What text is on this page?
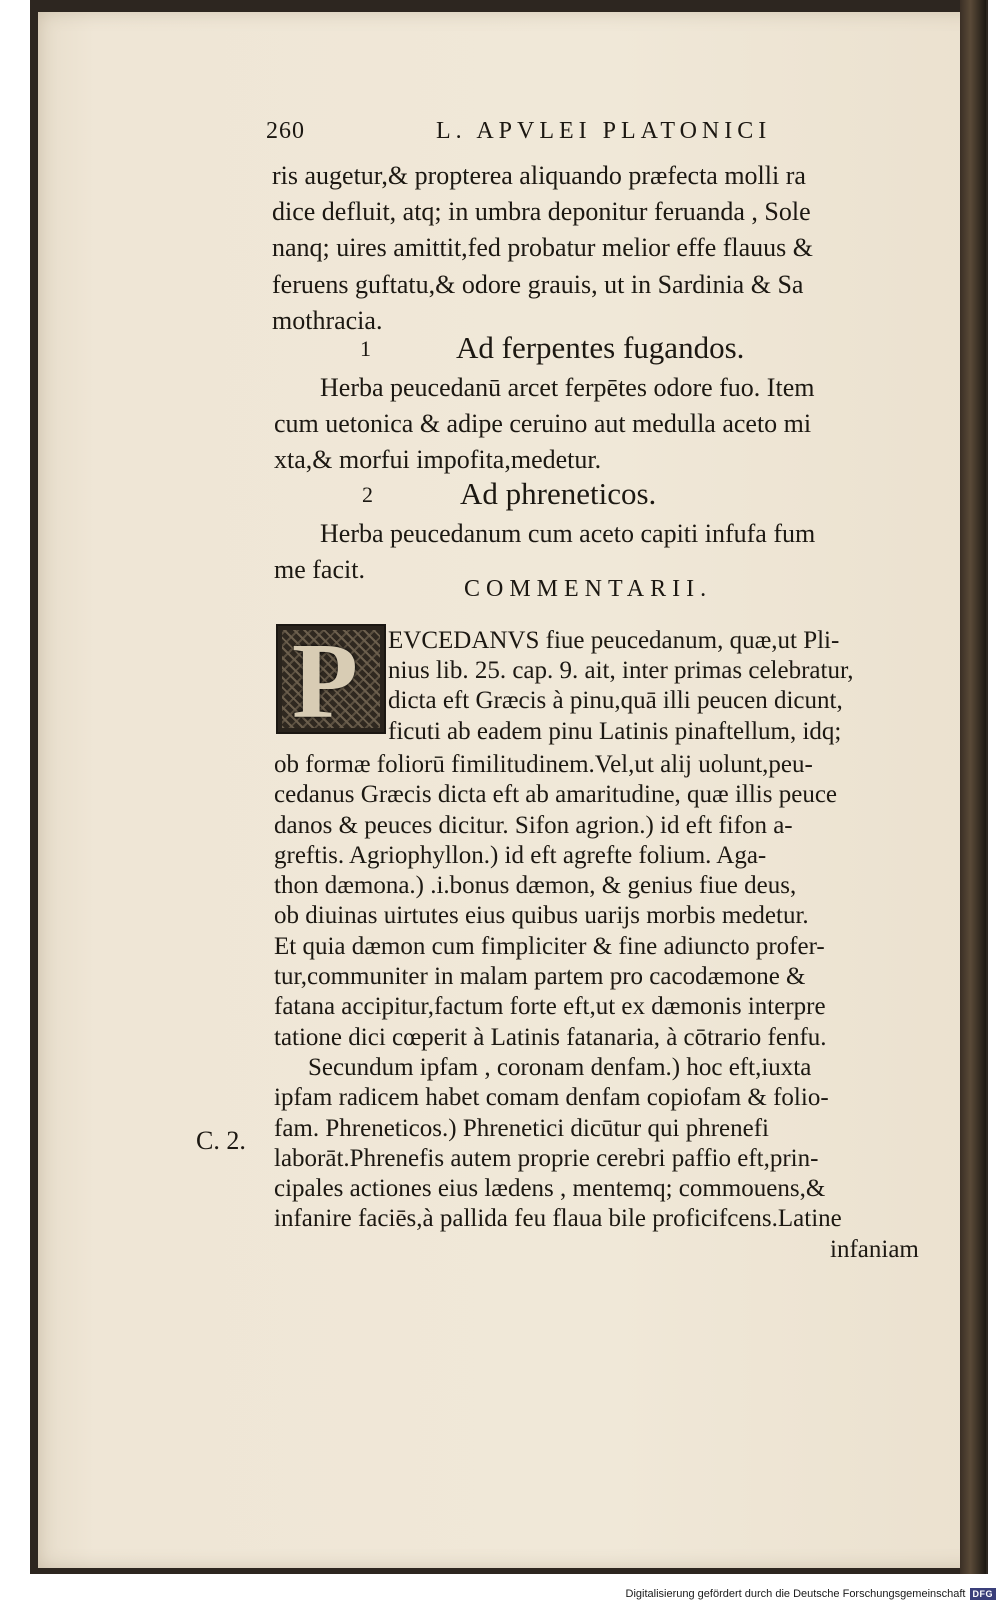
260	L. APVLEI PLATONICI
ris augetur,& propterea aliquando præfecta molli ra
dice defluit, atq; in umbra deponitur feruanda , Sole
nanq; uires amittit,fed probatur melior effe flauus &
feruens guftatu,& odore grauis, ut in Sardinia & Sa
mothracia.
1	Ad ferpentes fugandos.
Herba peucedanū arcet ferpētes odore fuo. Item
cum uetonica & adipe ceruino aut medulla aceto mi
xta,& morfui impofita,medetur.
2	Ad phreneticos.
Herba peucedanum cum aceto capiti infufa fum
me facit.
COMMENTARII.
P EVCEDANVS fiue peucedanum, quæ,ut Pli-
nius lib. 25. cap. 9. ait, inter primas celebratur,
dicta eft Græcis à pinu,quā illi peucen dicunt,
ficuti ab eadem pinu Latinis pinaftellum, idq;
ob formæ foliorū fimilitudinem.Vel,ut alij uolunt,peu-
cedanus Græcis dicta eft ab amaritudine, quæ illis peuce
danos & peuces dicitur. Sifon agrion.) id eft fifon a-
greftis. Agriophyllon.) id eft agrefte folium. Aga-
thon dæmona.) .i.bonus dæmon, & genius fiue deus,
ob diuinas uirtutes eius quibus uarijs morbis medetur.
Et quia dæmon cum fimpliciter & fine adiuncto profer-
tur,communiter in malam partem pro cacodæmone &
fatana accipitur,factum forte eft,ut ex dæmonis interpre
tatione dici cœperit à Latinis fatanaria, à cōtrario fenfu.
Secundum ipfam , coronam denfam.) hoc eft,iuxta
ipfam radicem habet comam denfam copiofam & folio-
fam. Phreneticos.) Phrenetici dicūtur qui phrenefi
laborāt.Phrenefis autem proprie cerebri paffio eft,prin-
cipales actiones eius lædens , mentemq; commouens,&
infanire faciēs,à pallida feu flaua bile proficifcens.Latine
infaniam
C. 2.
Digitalisierung gefördert durch die Deutsche Forschungsgemeinschaft DFG
